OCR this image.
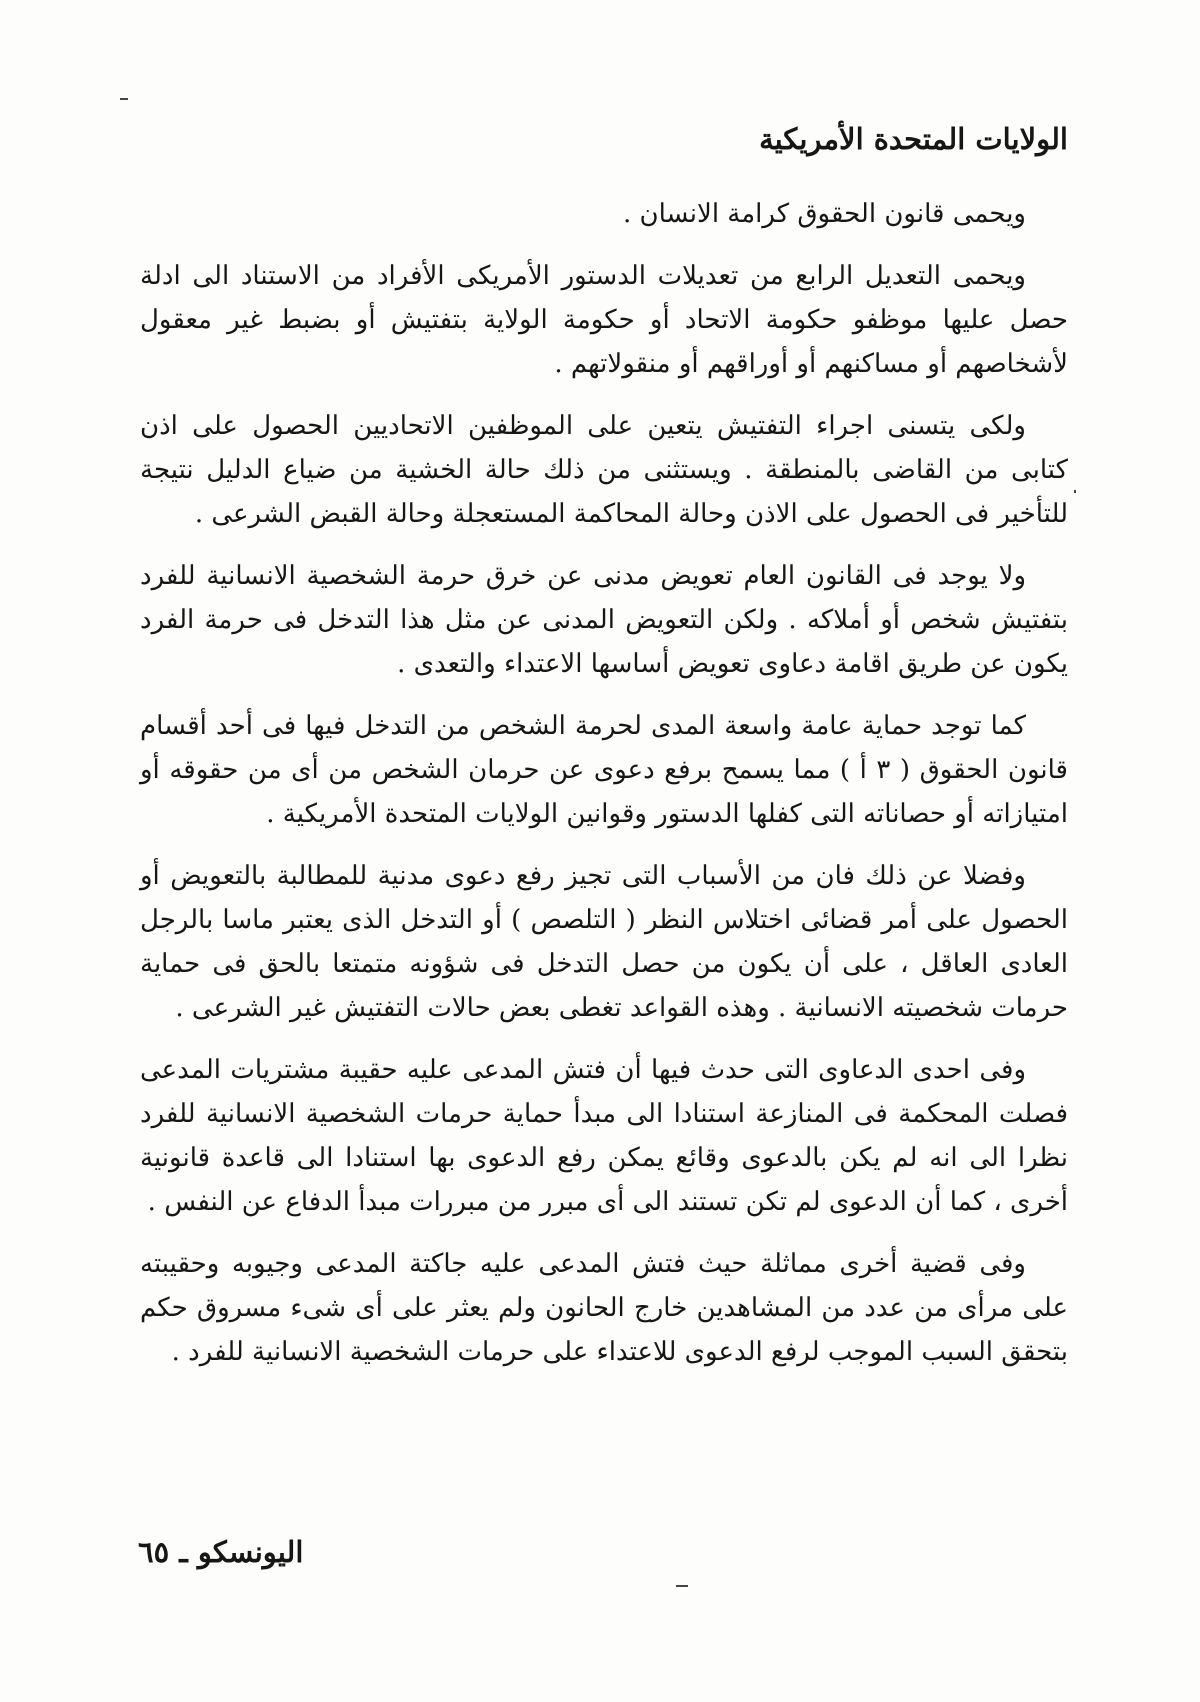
الولايات المتحدة الأمريكية

ويحمى قانون الحقوق كرامة الانسان .

ويحمى التعديل الرابع من تعديلات الدستور الأمريكى الأفراد من الاستناد الى ادلة حصل عليها موظفو حكومة الاتحاد أو حكومة الولاية بتفتيش أو بضبط غير معقول لأشخاصهم أو مساكنهم أو أوراقهم أو منقولاتهم .

ولكى يتسنى اجراء التفتيش يتعين على الموظفين الاتحاديين الحصول على اذن كتابى من القاضى بالمنطقة . ويستثنى من ذلك حالة الخشية من ضياع الدليل نتيجة للتأخير فى الحصول على الاذن وحالة المحاكمة المستعجلة وحالة القبض الشرعى .

ولا يوجد فى القانون العام تعويض مدنى عن خرق حرمة الشخصية الانسانية للفرد بتفتيش شخص أو أملاكه . ولكن التعويض المدنى عن مثل هذا التدخل فى حرمة الفرد يكون عن طريق اقامة دعاوى تعويض أساسها الاعتداء والتعدى .

كما توجد حماية عامة واسعة المدى لحرمة الشخص من التدخل فيها فى أحد أقسام قانون الحقوق ( ٣ أ ) مما يسمح برفع دعوى عن حرمان الشخص من أى من حقوقه أو امتيازاته أو حصاناته التى كفلها الدستور وقوانين الولايات المتحدة الأمريكية .

وفضلا عن ذلك فان من الأسباب التى تجيز رفع دعوى مدنية للمطالبة بالتعويض أو الحصول على أمر قضائى اختلاس النظر ( التلصص ) أو التدخل الذى يعتبر ماسا بالرجل العادى العاقل ، على أن يكون من حصل التدخل فى شؤونه متمتعا بالحق فى حماية حرمات شخصيته الانسانية . وهذه القواعد تغطى بعض حالات التفتيش غير الشرعى .

وفى احدى الدعاوى التى حدث فيها أن فتش المدعى عليه حقيبة مشتريات المدعى فصلت المحكمة فى المنازعة استنادا الى مبدأ حماية حرمات الشخصية الانسانية للفرد نظرا الى انه لم يكن بالدعوى وقائع يمكن رفع الدعوى بها استنادا الى قاعدة قانونية أخرى ، كما أن الدعوى لم تكن تستند الى أى مبرر من مبررات مبدأ الدفاع عن النفس .

وفى قضية أخرى مماثلة حيث فتش المدعى عليه جاكتة المدعى وجيوبه وحقيبته على مرأى من عدد من المشاهدين خارج الحانون ولم يعثر على أى شىء مسروق حكم بتحقق السبب الموجب لرفع الدعوى للاعتداء على حرمات الشخصية الانسانية للفرد .

اليونسكو ـ ٦٥
